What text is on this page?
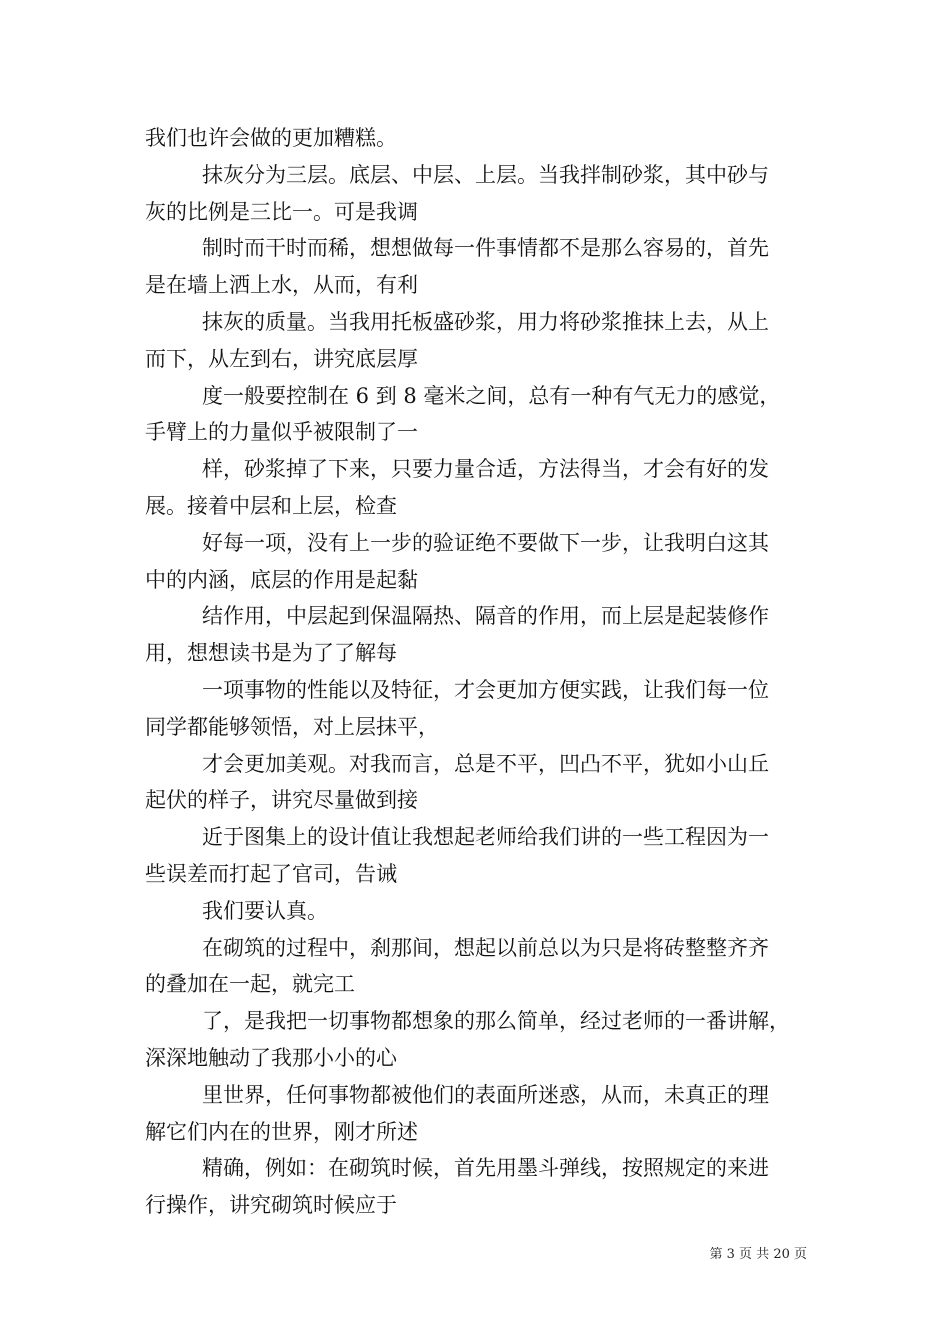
我们也许会做的更加糟糕。

抹灰分为三层。底层、中层、上层。当我拌制砂浆，其中砂与

灰的比例是三比一。可是我调

制时而干时而稀，想想做每一件事情都不是那么容易的，首先

是在墙上洒上水，从而，有利

抹灰的质量。当我用托板盛砂浆，用力将砂浆推抹上去，从上

而下，从左到右，讲究底层厚

度一般要控制在 6 到 8 毫米之间，总有一种有气无力的感觉，

手臂上的力量似乎被限制了一

样，砂浆掉了下来，只要力量合适，方法得当，才会有好的发

展。接着中层和上层，检查

好每一项，没有上一步的验证绝不要做下一步，让我明白这其

中的内涵，底层的作用是起黏

结作用，中层起到保温隔热、隔音的作用，而上层是起装修作

用，想想读书是为了了解每

一项事物的性能以及特征，才会更加方便实践，让我们每一位

同学都能够领悟，对上层抹平，

才会更加美观。对我而言，总是不平，凹凸不平，犹如小山丘

起伏的样子，讲究尽量做到接

近于图集上的设计值让我想起老师给我们讲的一些工程因为一

些误差而打起了官司，告诫

我们要认真。

在砌筑的过程中，刹那间，想起以前总以为只是将砖整整齐齐

的叠加在一起，就完工

了，是我把一切事物都想象的那么简单，经过老师的一番讲解，

深深地触动了我那小小的心

里世界，任何事物都被他们的表面所迷惑，从而，未真正的理

解它们内在的世界，刚才所述

精确，例如：在砌筑时候，首先用墨斗弹线，按照规定的来进

行操作，讲究砌筑时候应于

第 3 页 共 20 页
